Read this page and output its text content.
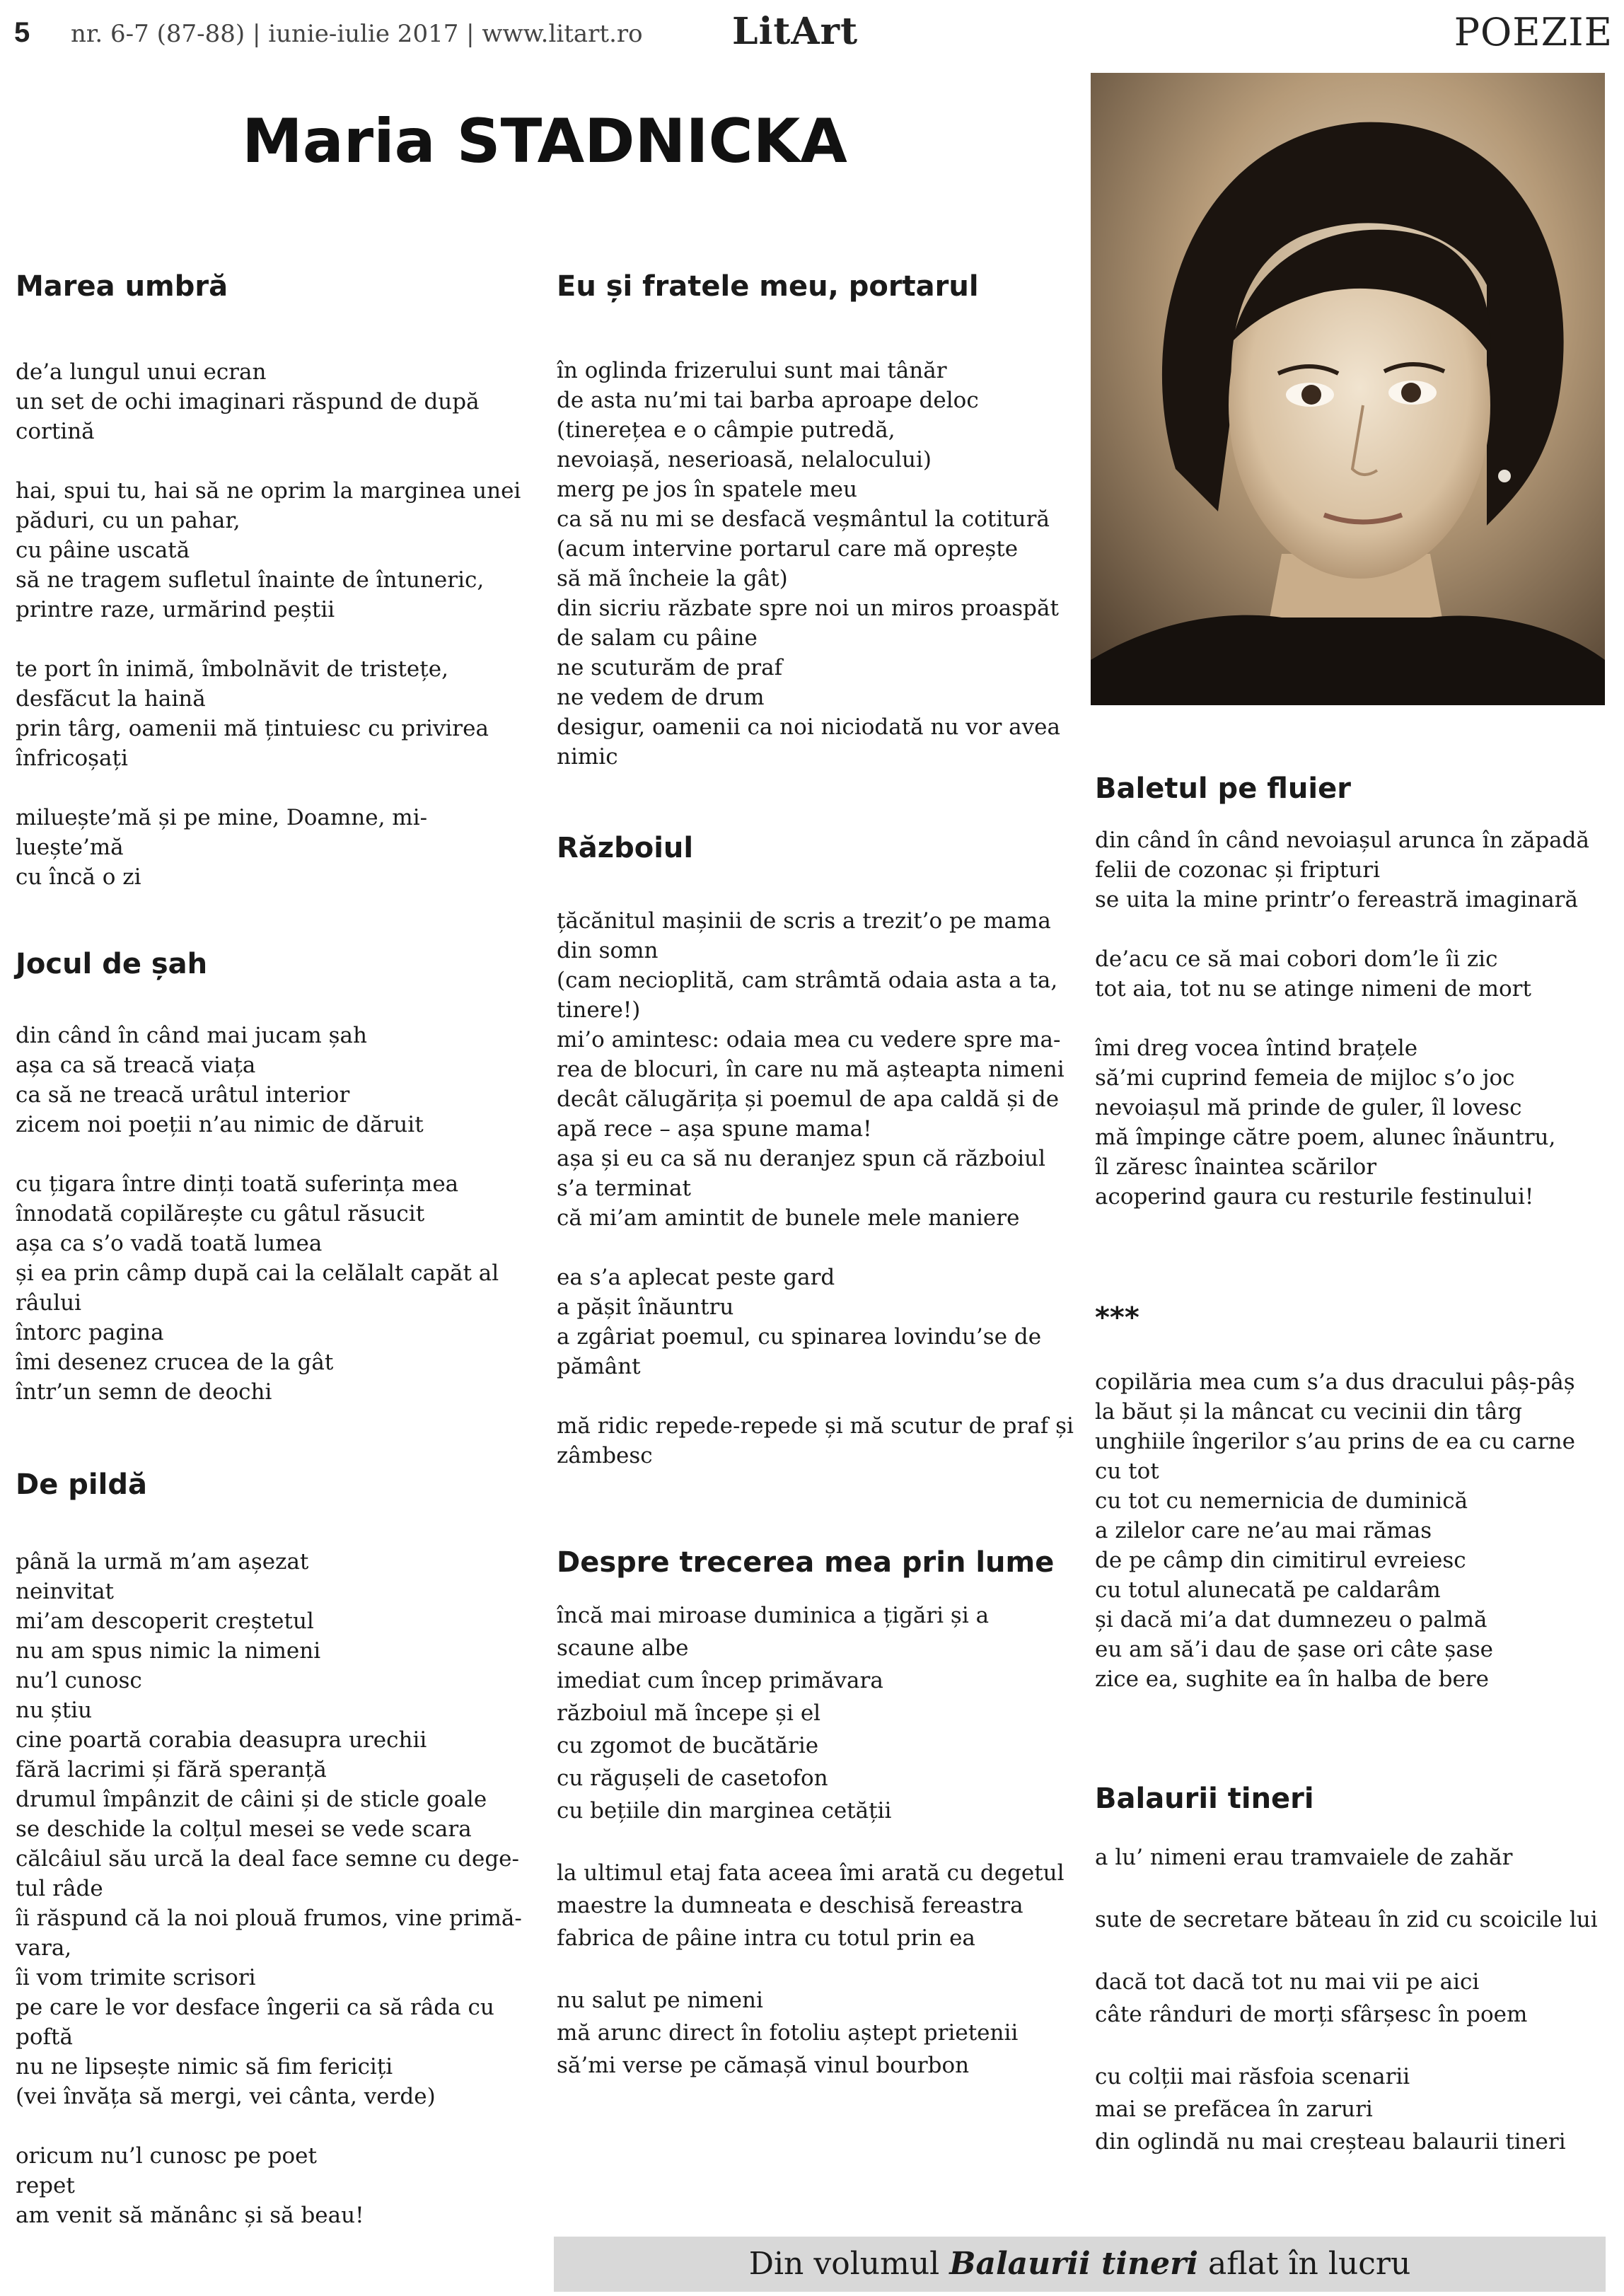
5 nr. 6-7 (87-88) | iunie-iulie 2017 | www.litart.ro LitArt	POEZIE
Maria STADNICKA
Marea umbră
de’a lungul unui ecran
un set de ochi imaginari răspund de după
cortină
hai, spui tu, hai să ne oprim la marginea unei
păduri, cu un pahar,
cu pâine uscată
să ne tragem sufletul înainte de întuneric,
printre raze, urmărind peștii
te port în inimă, îmbolnăvit de tristețe,
desfăcut la haină
prin târg, oamenii mă țintuiesc cu privirea
înfricoșați
miluește’mă și pe mine, Doamne, mi-
luește’mă
cu încă o zi
Jocul de șah
din când în când mai jucam șah
așa ca să treacă viața
ca să ne treacă urâtul interior
zicem noi poeții n’au nimic de dăruit
cu țigara între dinți toată suferința mea
înnodată copilărește cu gâtul răsucit
așa ca s’o vadă toată lumea
și ea prin câmp după cai la celălalt capăt al
râului
întorc pagina
îmi desenez crucea de la gât
într’un semn de deochi
De pildă
până la urmă m’am așezat
neinvitat
mi’am descoperit creștetul
nu am spus nimic la nimeni
nu’l cunosc
nu știu
cine poartă corabia deasupra urechii
fără lacrimi și fără speranță
drumul împânzit de câini și de sticle goale
se deschide la colțul mesei se vede scara
călcâiul său urcă la deal face semne cu dege-
tul râde
îi răspund că la noi plouă frumos, vine primă-
vara,
îi vom trimite scrisori
pe care le vor desface îngerii ca să râda cu
poftă
nu ne lipsește nimic să fim fericiți
(vei învăța să mergi, vei cânta, verde)
oricum nu’l cunosc pe poet
repet
am venit să mănânc și să beau!
Eu și fratele meu, portarul
în oglinda frizerului sunt mai tânăr
de asta nu’mi tai barba aproape deloc
(tinerețea e o câmpie putredă,
nevoiașă, neserioasă, nelalocului)
merg pe jos în spatele meu
ca să nu mi se desfacă veșmântul la cotitură
(acum intervine portarul care mă oprește
să mă încheie la gât)
din sicriu răzbate spre noi un miros proaspăt
de salam cu pâine
ne scuturăm de praf
ne vedem de drum
desigur, oamenii ca noi niciodată nu vor avea
nimic
Războiul
țăcănitul mașinii de scris a trezit’o pe mama
din somn
(cam necioplită, cam strâmtă odaia asta a ta,
tinere!)
mi’o amintesc: odaia mea cu vedere spre ma-
rea de blocuri, în care nu mă așteapta nimeni
decât călugărița și poemul de apa caldă și de
apă rece – așa spune mama!
așa și eu ca să nu deranjez spun că războiul
s’a terminat
că mi’am amintit de bunele mele maniere
ea s’a aplecat peste gard
a pășit înăuntru
a zgâriat poemul, cu spinarea lovindu’se de
pământ
mă ridic repede-repede și mă scutur de praf și
zâmbesc
Despre trecerea mea prin lume
încă mai miroase duminica a țigări și a
scaune albe
imediat cum încep primăvara
războiul mă începe și el
cu zgomot de bucătărie
cu răgușeli de casetofon
cu bețiile din marginea cetății
la ultimul etaj fata aceea îmi arată cu degetul
maestre la dumneata e deschisă fereastra
fabrica de pâine intra cu totul prin ea
nu salut pe nimeni
mă arunc direct în fotoliu aștept prietenii
să’mi verse pe cămașă vinul bourbon
Baletul pe fluier
din când în când nevoiașul arunca în zăpadă
felii de cozonac și fripturi
se uita la mine printr’o fereastră imaginară
de’acu ce să mai cobori dom’le îi zic
tot aia, tot nu se atinge nimeni de mort
îmi dreg vocea întind brațele
să’mi cuprind femeia de mijloc s’o joc
nevoiașul mă prinde de guler, îl lovesc
mă împinge către poem, alunec înăuntru,
îl zăresc înaintea scărilor
acoperind gaura cu resturile festinului!
***
copilăria mea cum s’a dus dracului pâș-pâș
la băut și la mâncat cu vecinii din târg
unghiile îngerilor s’au prins de ea cu carne
cu tot
cu tot cu nemernicia de duminică
a zilelor care ne’au mai rămas
de pe câmp din cimitirul evreiesc
cu totul alunecată pe caldarâm
și dacă mi’a dat dumnezeu o palmă
eu am să’i dau de șase ori câte șase
zice ea, sughite ea în halba de bere
Balaurii tineri
a lu’ nimeni erau tramvaiele de zahăr
sute de secretare băteau în zid cu scoicile lui
dacă tot dacă tot nu mai vii pe aici
câte rânduri de morți sfârșesc în poem
cu colții mai răsfoia scenarii
mai se prefăcea în zaruri
din oglindă nu mai creșteau balaurii tineri
Din volumul Balaurii tineri aflat în lucru
